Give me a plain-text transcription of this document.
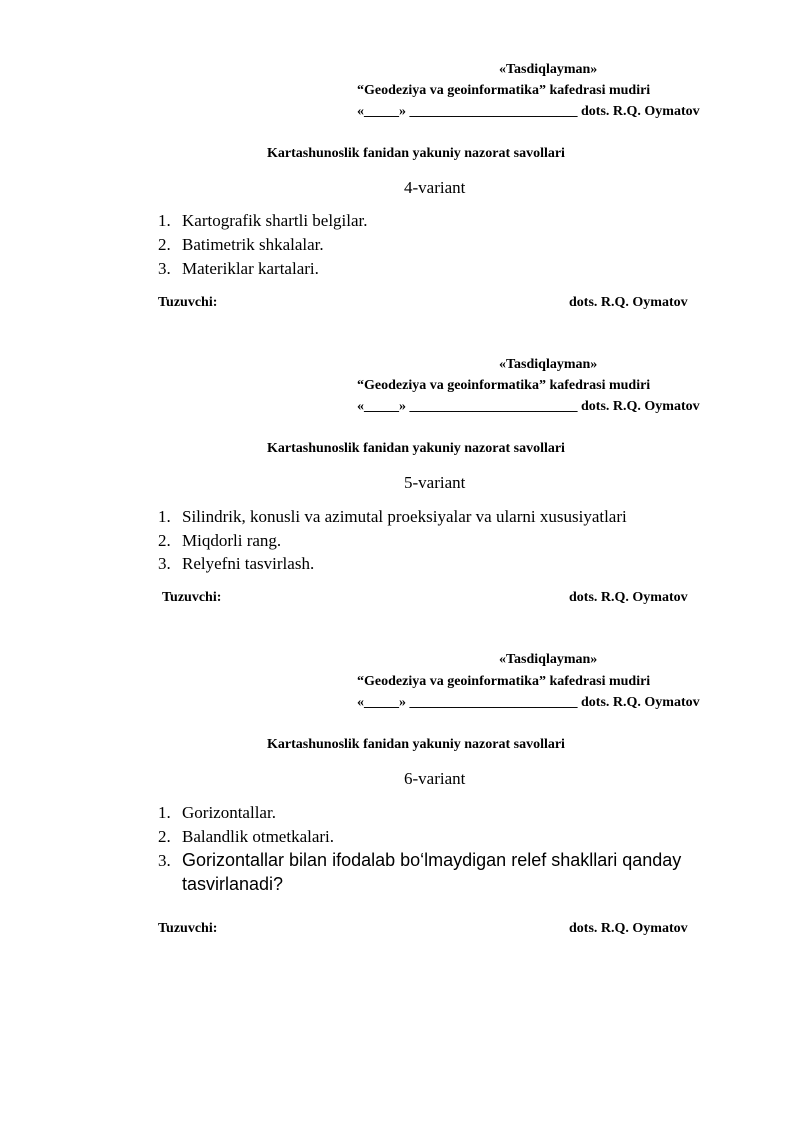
«Tasdiqlayman»
“Geodeziya va geoinformatika” kafedrasi mudiri
«_____» ________________________ dots. R.Q. Oymatov
Kartashunoslik fanidan yakuniy nazorat savollari
4-variant
1. Kartografik shartli belgilar.
2. Batimetrik shkalalar.
3. Materiklar kartalari.
Tuzuvchi:	dots. R.Q. Oymatov
«Tasdiqlayman»
“Geodeziya va geoinformatika” kafedrasi mudiri
«_____» ________________________ dots. R.Q. Oymatov
Kartashunoslik fanidan yakuniy nazorat savollari
5-variant
1. Silindrik, konusli va azimutal proeksiyalar va ularni xususiyatlari
2. Miqdorli rang.
3. Relyefni tasvirlash.
Tuzuvchi:	dots. R.Q. Oymatov
«Tasdiqlayman»
“Geodeziya va geoinformatika” kafedrasi mudiri
«_____» ________________________ dots. R.Q. Oymatov
Kartashunoslik fanidan yakuniy nazorat savollari
6-variant
1. Gorizontallar.
2. Balandlik otmetkalari.
3. Gorizontallar bilan ifodalab bo‘lmaydigan relef shakllari qanday
tasvirlanadi?
Tuzuvchi:	dots. R.Q. Oymatov
